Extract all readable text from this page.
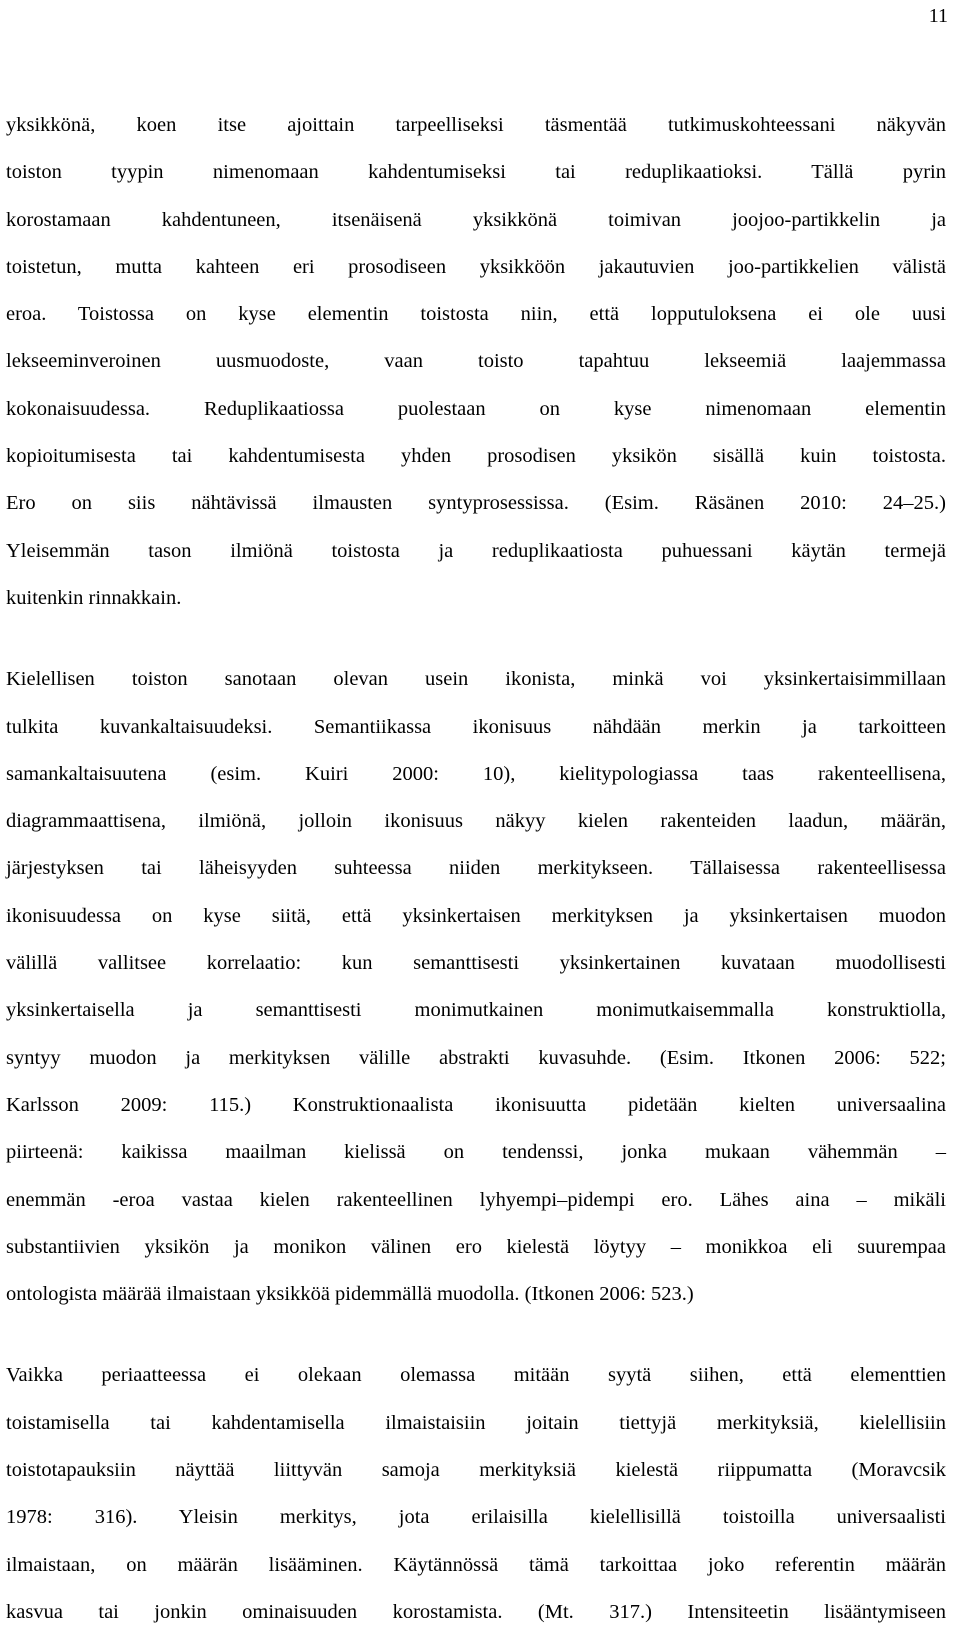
11
yksikkönä, koen itse ajoittain tarpeelliseksi täsmentää tutkimuskohteessani näkyvän
toiston tyypin nimenomaan kahdentumiseksi tai reduplikaatioksi. Tällä pyrin
korostamaan kahdentuneen, itsenäisenä yksikkönä toimivan joojoo-partikkelin ja
toistetun, mutta kahteen eri prosodiseen yksikköön jakautuvien joo-partikkelien välistä
eroa. Toistossa on kyse elementin toistosta niin, että lopputuloksena ei ole uusi
lekseeminveroinen uusmuodoste, vaan toisto tapahtuu lekseemiä laajemmassa
kokonaisuudessa. Reduplikaatiossa puolestaan on kyse nimenomaan elementin
kopioitumisesta tai kahdentumisesta yhden prosodisen yksikön sisällä kuin toistosta.
Ero on siis nähtävissä ilmausten syntyprosessissa. (Esim. Räsänen 2010: 24–25.)
Yleisemmän tason ilmiönä toistosta ja reduplikaatiosta puhuessani käytän termejä
kuitenkin rinnakkain.
Kielellisen toiston sanotaan olevan usein ikonista, minkä voi yksinkertaisimmillaan
tulkita kuvankaltaisuudeksi. Semantiikassa ikonisuus nähdään merkin ja tarkoitteen
samankaltaisuutena (esim. Kuiri 2000: 10), kielitypologiassa taas rakenteellisena,
diagrammaattisena, ilmiönä, jolloin ikonisuus näkyy kielen rakenteiden laadun, määrän,
järjestyksen tai läheisyyden suhteessa niiden merkitykseen. Tällaisessa rakenteellisessa
ikonisuudessa on kyse siitä, että yksinkertaisen merkityksen ja yksinkertaisen muodon
välillä vallitsee korrelaatio: kun semanttisesti yksinkertainen kuvataan muodollisesti
yksinkertaisella ja semanttisesti monimutkainen monimutkaisemmalla konstruktiolla,
syntyy muodon ja merkityksen välille abstrakti kuvasuhde. (Esim. Itkonen 2006: 522;
Karlsson 2009: 115.) Konstruktionaalista ikonisuutta pidetään kielten universaalina
piirteenä: kaikissa maailman kielissä on tendenssi, jonka mukaan vähemmän –
enemmän -eroa vastaa kielen rakenteellinen lyhyempi–pidempi ero. Lähes aina – mikäli
substantiivien yksikön ja monikon välinen ero kielestä löytyy – monikkoa eli suurempaa
ontologista määrää ilmaistaan yksikköä pidemmällä muodolla. (Itkonen 2006: 523.)
Vaikka periaatteessa ei olekaan olemassa mitään syytä siihen, että elementtien
toistamisella tai kahdentamisella ilmaistaisiin joitain tiettyjä merkityksiä, kielellisiin
toistotapauksiin näyttää liittyvän samoja merkityksiä kielestä riippumatta (Moravcsik
1978: 316). Yleisin merkitys, jota erilaisilla kielellisillä toistoilla universaalisti
ilmaistaan, on määrän lisääminen. Käytännössä tämä tarkoittaa joko referentin määrän
kasvua tai jonkin ominaisuuden korostamista. (Mt. 317.) Intensiteetin lisääntymiseen
